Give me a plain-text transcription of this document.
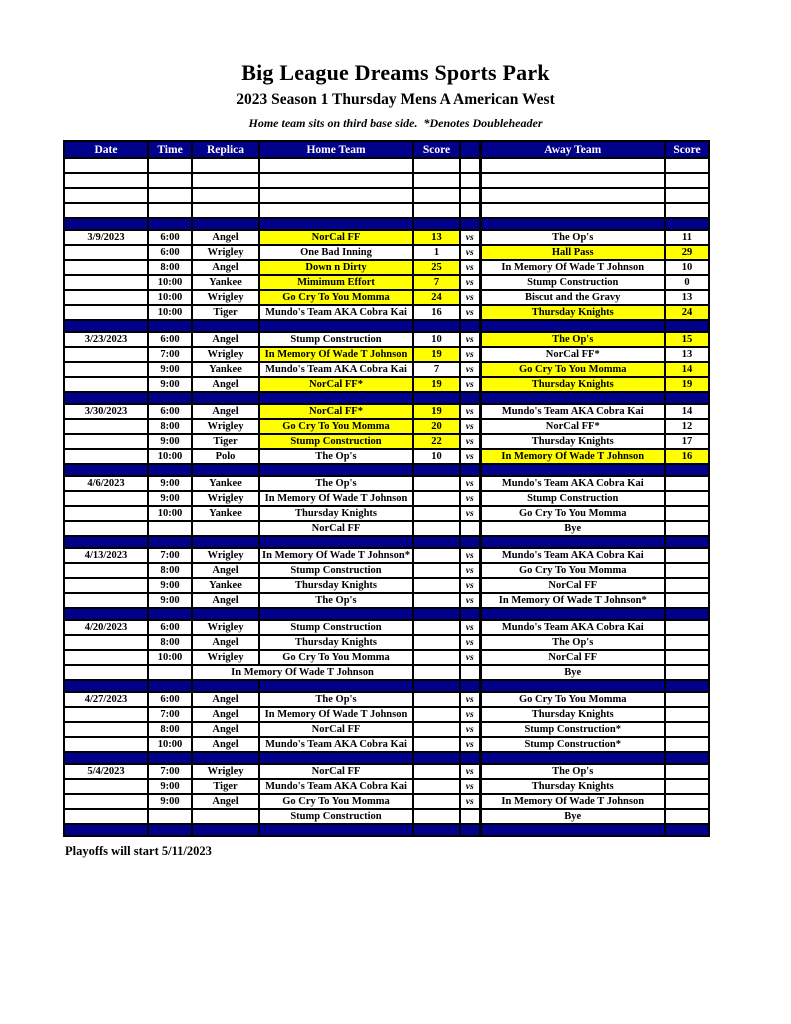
Big League Dreams Sports Park
2023 Season 1 Thursday Mens A American West
Home team sits on third base side.  *Denotes Doubleheader
Date	Time	Replica	Home Team	Score		Away Team	Score

3/9/2023	6:00	Angel	NorCal FF	13	vs	The Op's	11
	6:00	Wrigley	One Bad Inning	1	vs	Hall Pass	29
	8:00	Angel	Down n Dirty	25	vs	In Memory Of Wade T Johnson	10
	10:00	Yankee	Mimimum Effort	7	vs	Stump Construction	0
	10:00	Wrigley	Go Cry To You Momma	24	vs	Biscut and the Gravy	13
	10:00	Tiger	Mundo's Team AKA Cobra Kai	16	vs	Thursday Knights	24

3/23/2023	6:00	Angel	Stump Construction	10	vs	The Op's	15
	7:00	Wrigley	In Memory Of Wade T Johnson	19	vs	NorCal FF*	13
	9:00	Yankee	Mundo's Team AKA Cobra Kai	7	vs	Go Cry To You Momma	14
	9:00	Angel	NorCal FF*	19	vs	Thursday Knights	19

3/30/2023	6:00	Angel	NorCal FF*	19	vs	Mundo's Team AKA Cobra Kai	14
	8:00	Wrigley	Go Cry To You Momma	20	vs	NorCal FF*	12
	9:00	Tiger	Stump Construction	22	vs	Thursday Knights	17
	10:00	Polo	The Op's	10	vs	In Memory Of Wade T Johnson	16

4/6/2023	9:00	Yankee	The Op's		vs	Mundo's Team AKA Cobra Kai	
	9:00	Wrigley	In Memory Of Wade T Johnson		vs	Stump Construction	
	10:00	Yankee	Thursday Knights		vs	Go Cry To You Momma	
			NorCal FF			Bye	

4/13/2023	7:00	Wrigley	In Memory Of Wade T Johnson*		vs	Mundo's Team AKA Cobra Kai	
	8:00	Angel	Stump Construction		vs	Go Cry To You Momma	
	9:00	Yankee	Thursday Knights		vs	NorCal FF	
	9:00	Angel	The Op's		vs	In Memory Of Wade T Johnson*	

4/20/2023	6:00	Wrigley	Stump Construction		vs	Mundo's Team AKA Cobra Kai	
	8:00	Angel	Thursday Knights		vs	The Op's	
	10:00	Wrigley	Go Cry To You Momma		vs	NorCal FF	
		In Memory Of Wade T Johnson				Bye	

4/27/2023	6:00	Angel	The Op's		vs	Go Cry To You Momma	
	7:00	Angel	In Memory Of Wade T Johnson		vs	Thursday Knights	
	8:00	Angel	NorCal FF		vs	Stump Construction*	
	10:00	Angel	Mundo's Team AKA Cobra Kai		vs	Stump Construction*	

5/4/2023	7:00	Wrigley	NorCal FF		vs	The Op's	
	9:00	Tiger	Mundo's Team AKA Cobra Kai		vs	Thursday Knights	
	9:00	Angel	Go Cry To You Momma		vs	In Memory Of Wade T Johnson	
			Stump Construction			Bye	

Playoffs will start 5/11/2023
